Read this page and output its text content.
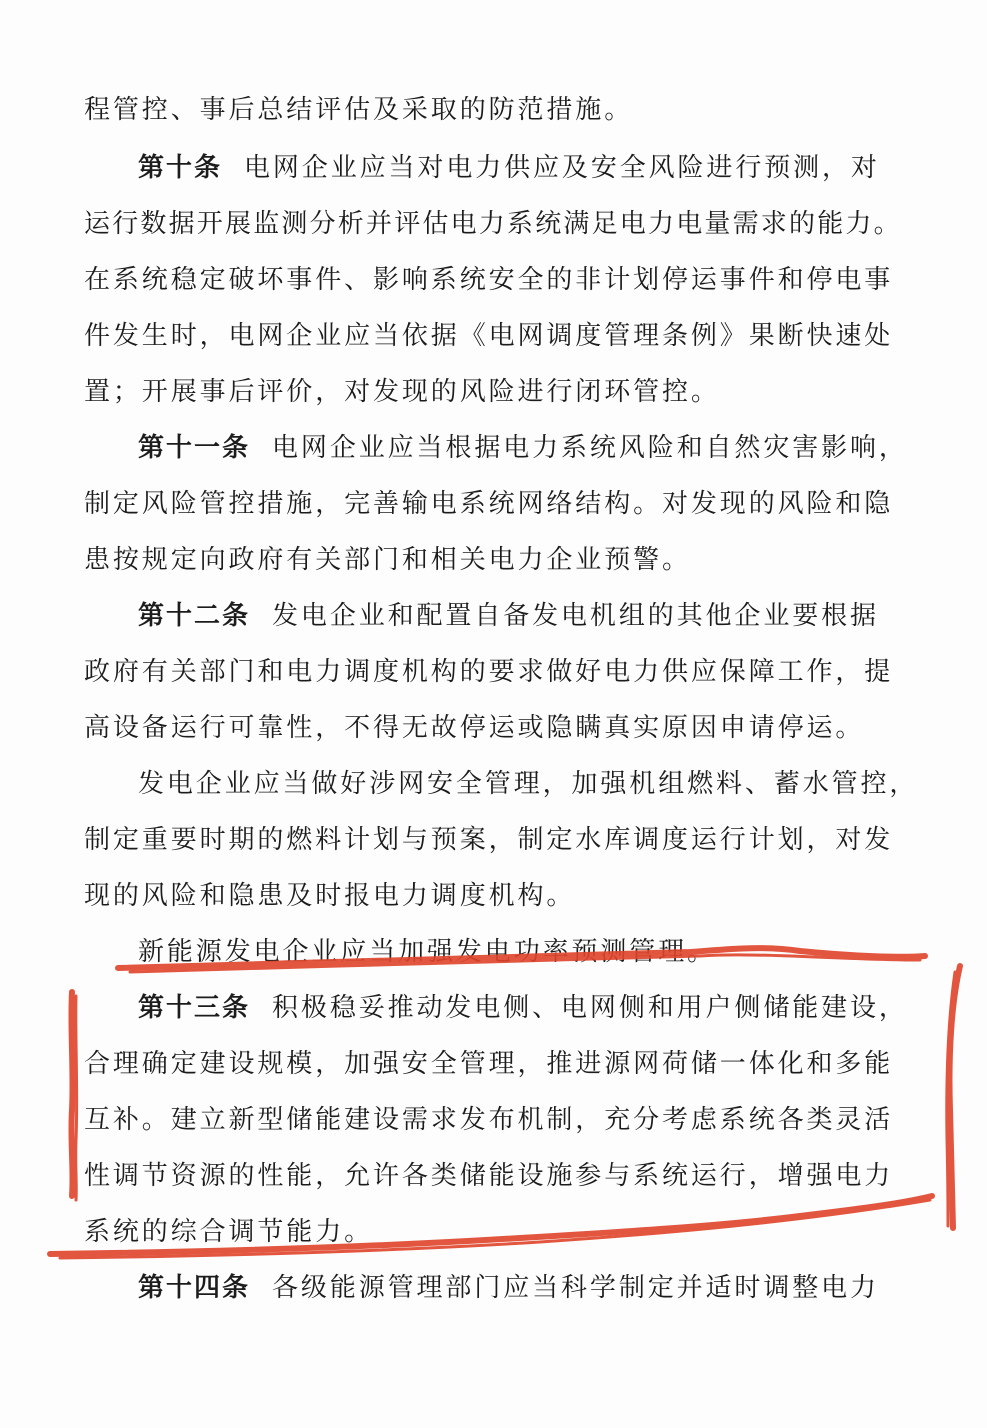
程管控、事后总结评估及采取的防范措施。
第十条 电网企业应当对电力供应及安全风险进行预测，对
运行数据开展监测分析并评估电力系统满足电力电量需求的能力。
在系统稳定破坏事件、影响系统安全的非计划停运事件和停电事
件发生时，电网企业应当依据《电网调度管理条例》果断快速处
置；开展事后评价，对发现的风险进行闭环管控。
第十一条 电网企业应当根据电力系统风险和自然灾害影响，
制定风险管控措施，完善输电系统网络结构。对发现的风险和隐
患按规定向政府有关部门和相关电力企业预警。
第十二条 发电企业和配置自备发电机组的其他企业要根据
政府有关部门和电力调度机构的要求做好电力供应保障工作，提
高设备运行可靠性，不得无故停运或隐瞒真实原因申请停运。
发电企业应当做好涉网安全管理，加强机组燃料、蓄水管控，
制定重要时期的燃料计划与预案，制定水库调度运行计划，对发
现的风险和隐患及时报电力调度机构。
新能源发电企业应当加强发电功率预测管理。
第十三条 积极稳妥推动发电侧、电网侧和用户侧储能建设，
合理确定建设规模，加强安全管理，推进源网荷储一体化和多能
互补。建立新型储能建设需求发布机制，充分考虑系统各类灵活
性调节资源的性能，允许各类储能设施参与系统运行，增强电力
系统的综合调节能力。
第十四条 各级能源管理部门应当科学制定并适时调整电力
